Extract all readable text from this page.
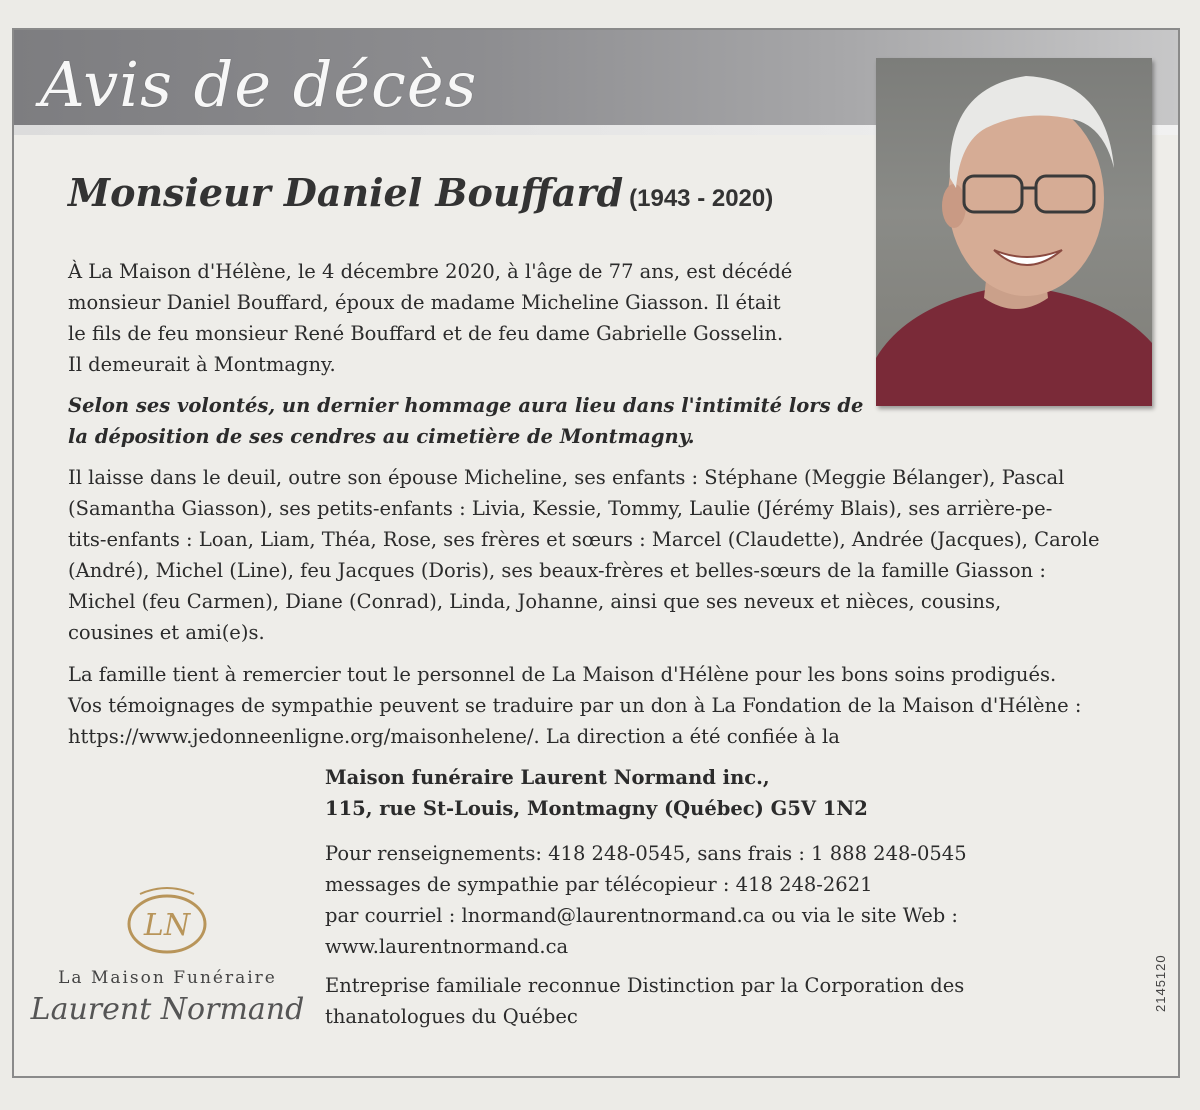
Avis de décès
Monsieur Daniel Bouffard (1943 - 2020)
À La Maison d'Hélène, le 4 décembre 2020, à l'âge de 77 ans, est décédé
monsieur Daniel Bouffard, époux de madame Micheline Giasson. Il était
le fils de feu monsieur René Bouffard et de feu dame Gabrielle Gosselin.
Il demeurait à Montmagny.
Selon ses volontés, un dernier hommage aura lieu dans l'intimité lors de
la déposition de ses cendres au cimetière de Montmagny.
Il laisse dans le deuil, outre son épouse Micheline, ses enfants : Stéphane (Meggie Bélanger), Pascal
(Samantha Giasson), ses petits-enfants : Livia, Kessie, Tommy, Laulie (Jérémy Blais), ses arrière-pe-
tits-enfants : Loan, Liam, Théa, Rose, ses frères et sœurs : Marcel (Claudette), Andrée (Jacques), Carole
(André), Michel (Line), feu Jacques (Doris), ses beaux-frères et belles-sœurs de la famille Giasson :
Michel (feu Carmen), Diane (Conrad), Linda, Johanne, ainsi que ses neveux et nièces, cousins,
cousines et ami(e)s.
La famille tient à remercier tout le personnel de La Maison d'Hélène pour les bons soins prodigués.
Vos témoignages de sympathie peuvent se traduire par un don à La Fondation de la Maison d'Hélène :
https://www.jedonneenligne.org/maisonhelene/. La direction a été confiée à la
Maison funéraire Laurent Normand inc.,
115, rue St-Louis, Montmagny (Québec) G5V 1N2
Pour renseignements: 418 248-0545, sans frais : 1 888 248-0545
messages de sympathie par télécopieur : 418 248-2621
par courriel : lnormand@laurentnormand.ca ou via le site Web :
www.laurentnormand.ca
Entreprise familiale reconnue Distinction par la Corporation des
thanatologues du Québec
LN
La Maison Funéraire
Laurent Normand	2145120
